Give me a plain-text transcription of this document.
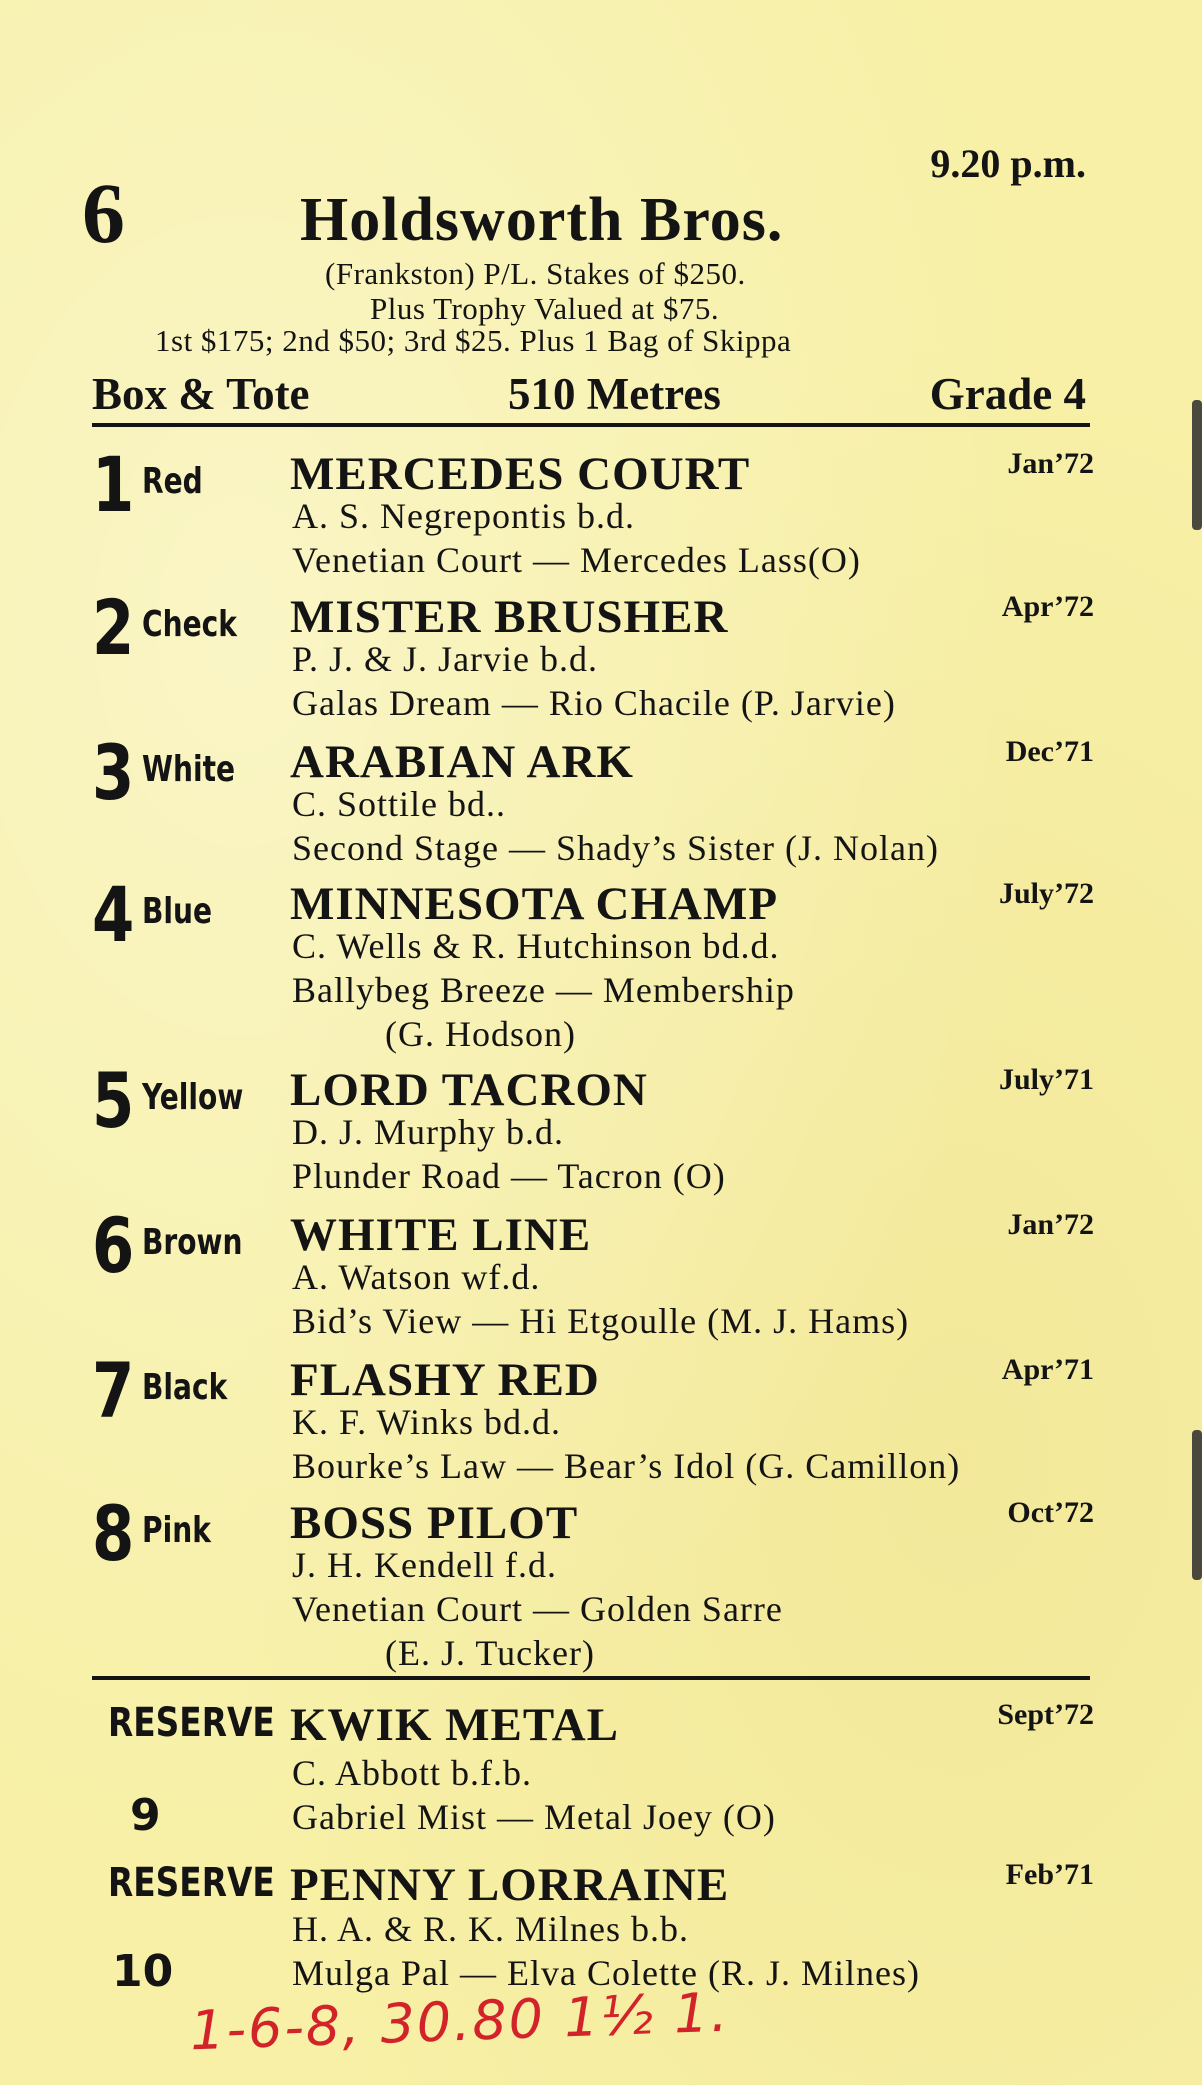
6
9.20 p.m.
Holdsworth Bros.
(Frankston) P/L. Stakes of $250.
Plus Trophy Valued at $75.
1st $175; 2nd $50; 3rd $25. Plus 1 Bag of Skippa
Box & Tote	510 Metres	Grade 4
1 Red MERCEDES COURT	Jan’72
A. S. Negrepontis b.d.
Venetian Court — Mercedes Lass(O)
2 Check MISTER BRUSHER	Apr’72
P. J. & J. Jarvie b.d.
Galas Dream — Rio Chacile (P. Jarvie)
3 White ARABIAN ARK	Dec’71
C. Sottile bd..
Second Stage — Shady’s Sister (J. Nolan)
4 Blue MINNESOTA CHAMP	July’72
C. Wells & R. Hutchinson bd.d.
Ballybeg Breeze — Membership
(G. Hodson)
5 Yellow LORD TACRON	July’71
D. J. Murphy b.d.
Plunder Road — Tacron (O)
6 Brown WHITE LINE	Jan’72
A. Watson wf.d.
Bid’s View — Hi Etgoulle (M. J. Hams)
7 Black FLASHY RED	Apr’71
K. F. Winks bd.d.
Bourke’s Law — Bear’s Idol (G. Camillon)
8 Pink BOSS PILOT	Oct’72
J. H. Kendell f.d.
Venetian Court — Golden Sarre
(E. J. Tucker)
RESERVE
9
KWIK METAL	Sept’72
C. Abbott b.f.b.
Gabriel Mist — Metal Joey (O)
RESERVE
10
PENNY LORRAINE	Feb’71
H. A. & R. K. Milnes b.b.
Mulga Pal — Elva Colette (R. J. Milnes)
1-6-8, 30.80 1½ 1.
